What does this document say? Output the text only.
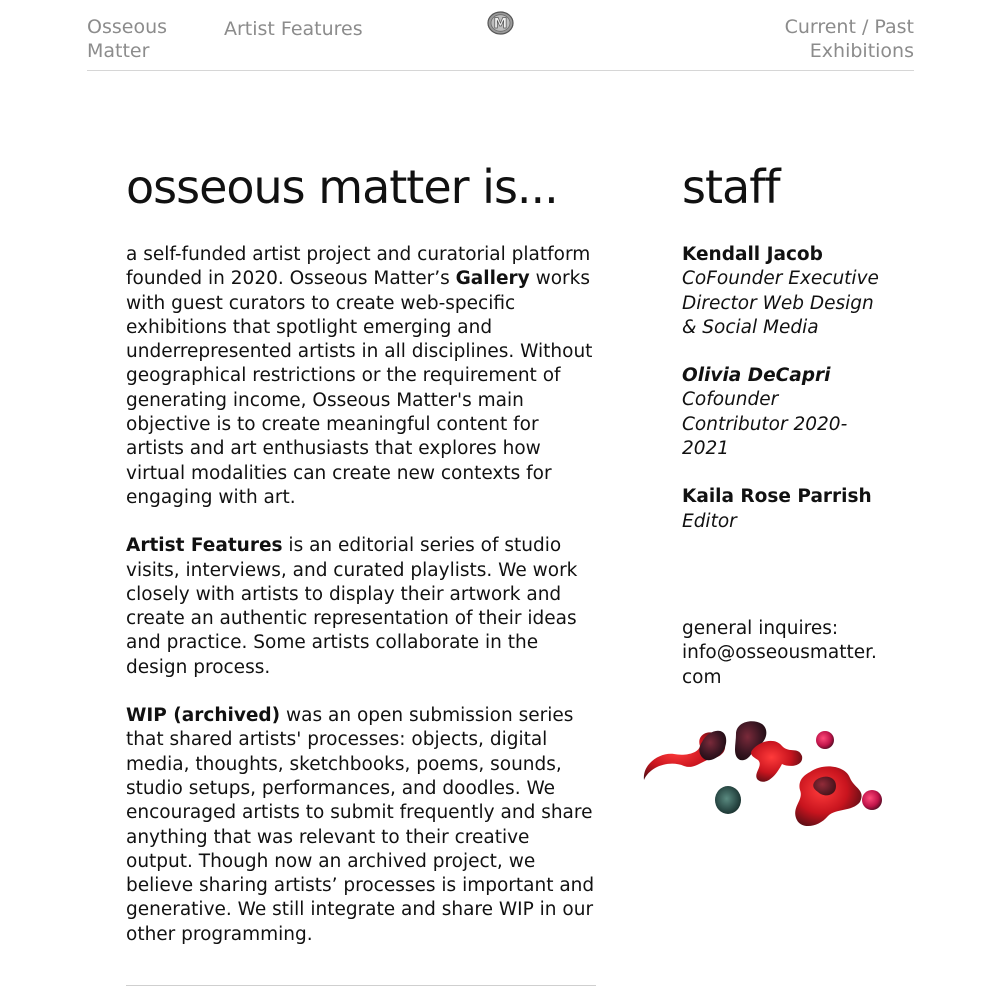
Osseous Matter
Artist Features	M	Current / Past Exhibitions
osseous matter is...

a self-funded artist project and curatorial platform founded in 2020. Osseous Matter’s Gallery works with guest curators to create web-specific exhibitions that spotlight emerging and underrepresented artists in all disciplines. Without geographical restrictions or the requirement of generating income, Osseous Matter's main objective is to create meaningful content for artists and art enthusiasts that explores how virtual modalities can create new contexts for engaging with art.

Artist Features is an editorial series of studio visits, interviews, and curated playlists. We work closely with artists to display their artwork and create an authentic representation of their ideas and practice. Some artists collaborate in the design process.

WIP (archived) was an open submission series that shared artists' processes: objects, digital media, thoughts, sketchbooks, poems, sounds, studio setups, performances, and doodles. We encouraged artists to submit frequently and share anything that was relevant to their creative output. Though now an archived project, we believe sharing artists’ processes is important and generative. We still integrate and share WIP in our other programming.

staff
Kendall Jacob
CoFounder Executive Director Web Design & Social Media
Olivia DeCapri
Cofounder Contributor 2020-2021
Kaila Rose Parrish
Editor
general inquires:
info@osseousmatter.com
